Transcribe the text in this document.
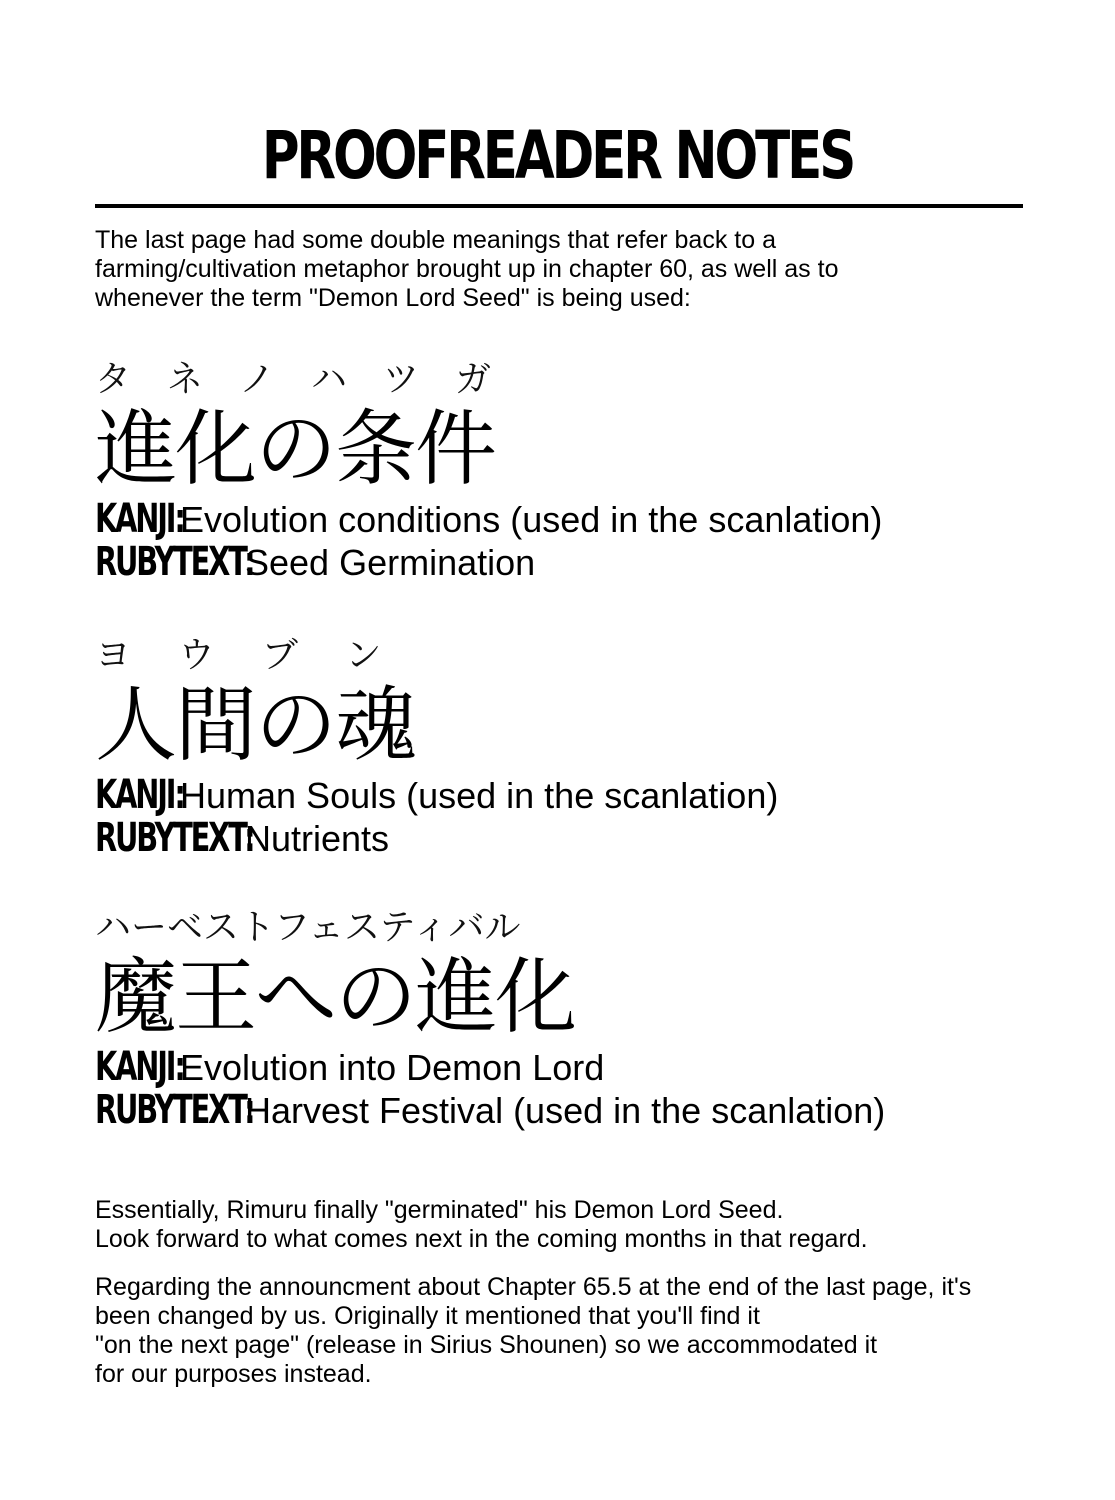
PROOFREADER NOTES
The last page had some double meanings that refer back to a
farming/cultivation metaphor brought up in chapter 60, as well as to
whenever the term "Demon Lord Seed" is being used:
タ　ネ　ノ　ハ　ツ　ガ
進化の条件
KANJI:Evolution conditions (used in the scanlation)
RUBYTEXT:Seed Germination
ヨ　 ウ　 ブ　 ン
人間の魂
KANJI:Human Souls (used in the scanlation)
RUBYTEXT:Nutrients
ハーベストフェスティバル
魔王への進化
KANJI:Evolution into Demon Lord
RUBYTEXT:Harvest Festival (used in the scanlation)
Essentially, Rimuru finally "germinated" his Demon Lord Seed.
Look forward to what comes next in the coming months in that regard.
Regarding the announcment about Chapter 65.5 at the end of the last page, it's
been changed by us. Originally it mentioned that you'll find it
"on the next page" (release in Sirius Shounen) so we accommodated it
for our purposes instead.
